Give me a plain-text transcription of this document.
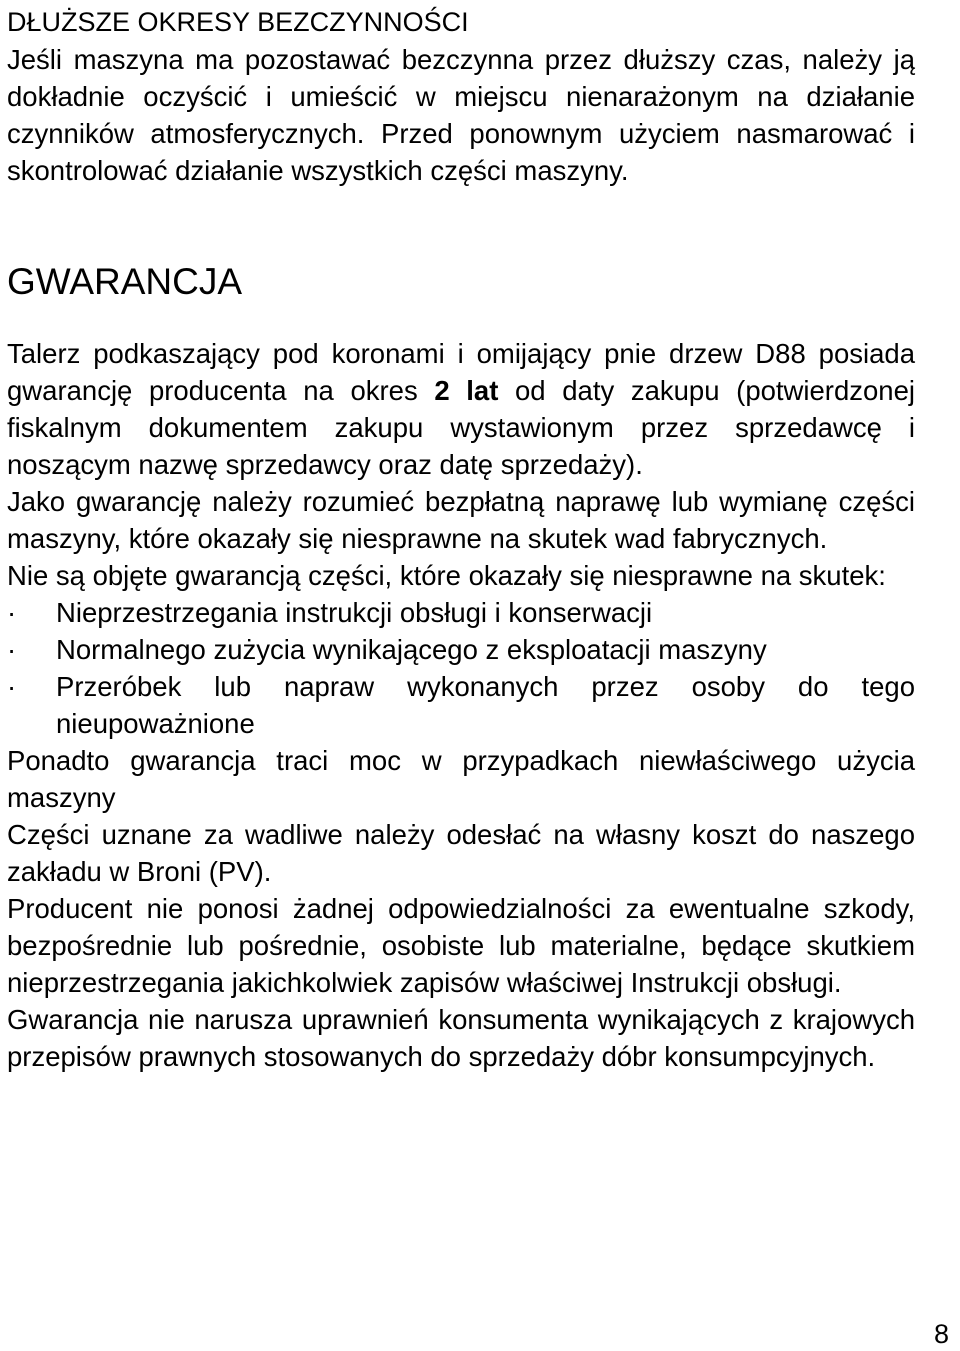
DŁUŻSZE OKRESY BEZCZYNNOŚCI

Jeśli maszyna ma pozostawać bezczynna przez dłuższy czas, należy ją dokładnie oczyścić i umieścić w miejscu nienarażonym na działanie czynników atmosferycznych. Przed ponownym użyciem nasmarować i skontrolować działanie wszystkich części maszyny.

GWARANCJA

Talerz podkaszający pod koronami i omijający pnie drzew D88 posiada gwarancję producenta na okres 2 lat od daty zakupu (potwierdzonej fiskalnym dokumentem zakupu wystawionym przez sprzedawcę i noszącym nazwę sprzedawcy oraz datę sprzedaży).

Jako gwarancję należy rozumieć bezpłatną naprawę lub wymianę części maszyny, które okazały się niesprawne na skutek wad fabrycznych.

Nie są objęte gwarancją części, które okazały się niesprawne na skutek:

·	Nieprzestrzegania instrukcji obsługi i konserwacji
·	Normalnego zużycia wynikającego z eksploatacji maszyny
·	Przeróbek lub napraw wykonanych przez osoby do tego nieupoważnione

Ponadto gwarancja traci moc w przypadkach niewłaściwego użycia maszyny

Części uznane za wadliwe należy odesłać na własny koszt do naszego zakładu w Broni (PV).

Producent nie ponosi żadnej odpowiedzialności za ewentualne szkody, bezpośrednie lub pośrednie, osobiste lub materialne, będące skutkiem nieprzestrzegania jakichkolwiek zapisów właściwej Instrukcji obsługi.

Gwarancja nie narusza uprawnień konsumenta wynikających z krajowych przepisów prawnych stosowanych do sprzedaży dóbr konsumpcyjnych.

8
